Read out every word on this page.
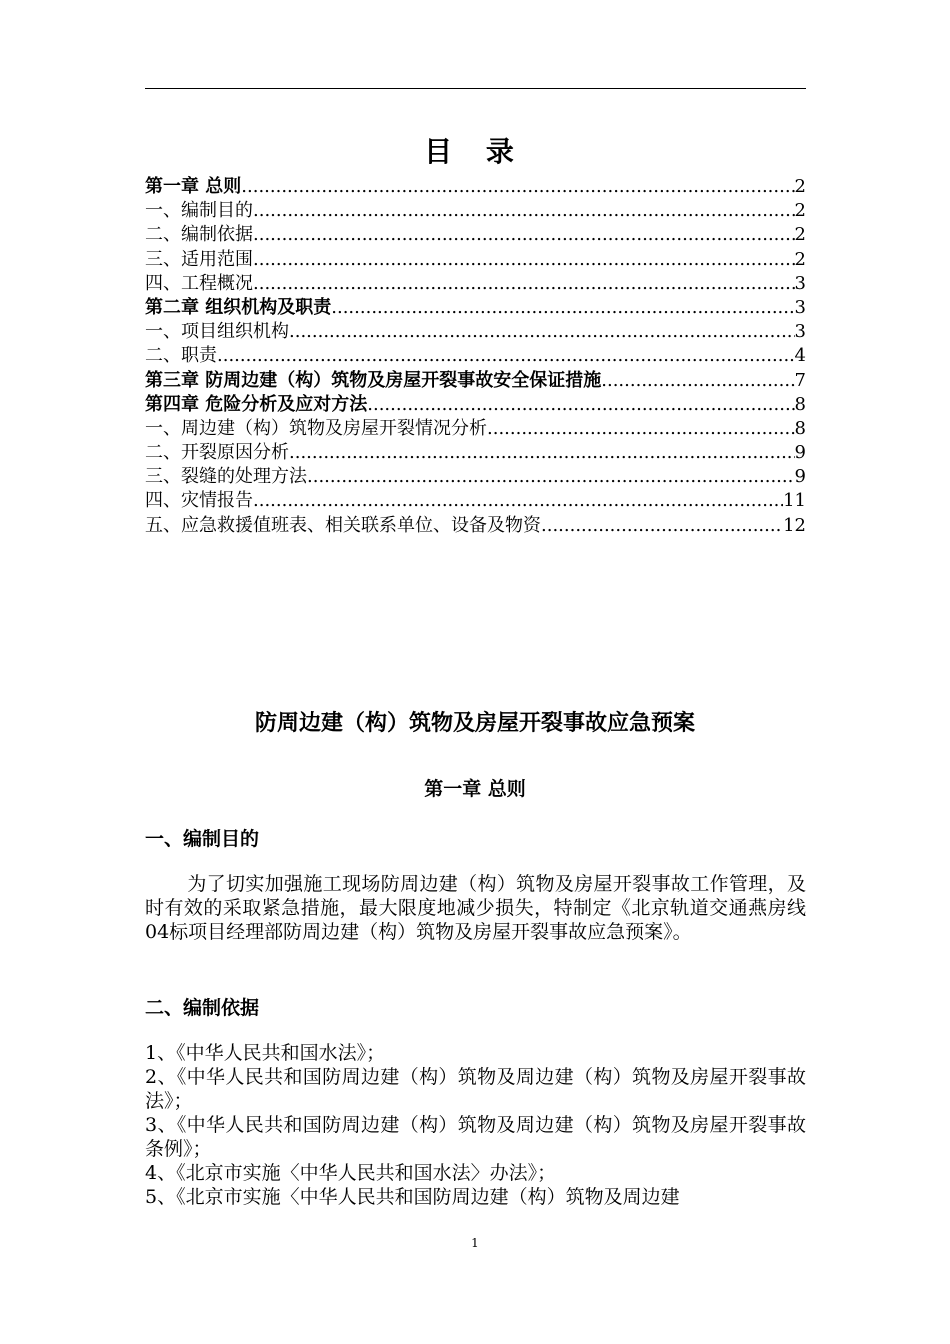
目 录
第一章 总则 .....	2
一、编制目的 .....	2
二、编制依据 .....	2
三、适用范围 .....	2
四、工程概况 .....	3
第二章 组织机构及职责 .....	3
一、项目组织机构 .....	3
二、职责 .....	4
第三章 防周边建（构）筑物及房屋开裂事故安全保证措施 .....	7
第四章 危险分析及应对方法 .....	8
一、周边建（构）筑物及房屋开裂情况分析 .....	8
二、开裂原因分析 .....	9
三、裂缝的处理方法 .....	9
四、灾情报告 .....	11
五、应急救援值班表、相关联系单位、设备及物资 .....	12
防周边建（构）筑物及房屋开裂事故应急预案
第一章 总则
一、编制目的
为了切实加强施工现场防周边建（构）筑物及房屋开裂事故工作管理，及时有效的采取紧急措施，最大限度地减少损失，特制定《北京轨道交通燕房线04标项目经理部防周边建（构）筑物及房屋开裂事故应急预案》。
二、编制依据
1、《中华人民共和国水法》；
2、《中华人民共和国防周边建（构）筑物及周边建（构）筑物及房屋开裂事故法》；
3、《中华人民共和国防周边建（构）筑物及周边建（构）筑物及房屋开裂事故条例》；
4、《北京市实施〈中华人民共和国水法〉办法》；
5、《北京市实施〈中华人民共和国防周边建（构）筑物及周边建
1
